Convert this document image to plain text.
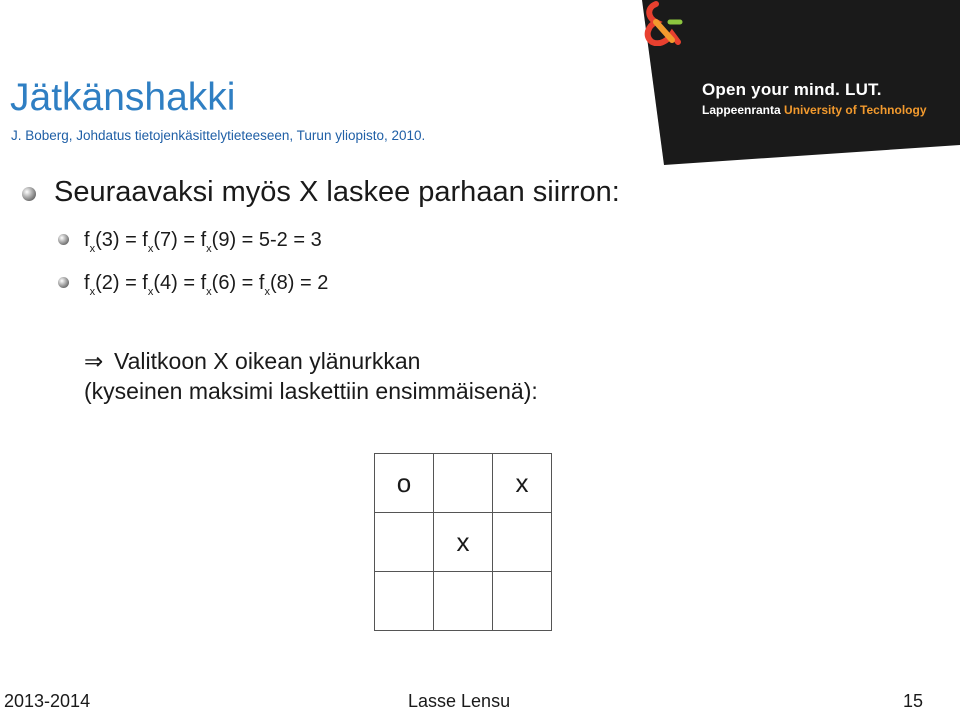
Jätkänshakki
J. Boberg, Johdatus tietojenkäsittelytieteeseen, Turun yliopisto, 2010.
Open your mind. LUT.
Lappeenranta University of Technology
Seuraavaksi myös X laskee parhaan siirron:
$f_x(3) = f_x(7) = f_x(9) = 5-2 = 3$
$f_x(2) = f_x(4) = f_x(6) = f_x(8) = 2$
⇒ Valitkoon X oikean ylänurkkan
(kyseinen maksimi laskettiin ensimmäisenä):
o		x
	x	

2013-2014	Lasse Lensu	15
